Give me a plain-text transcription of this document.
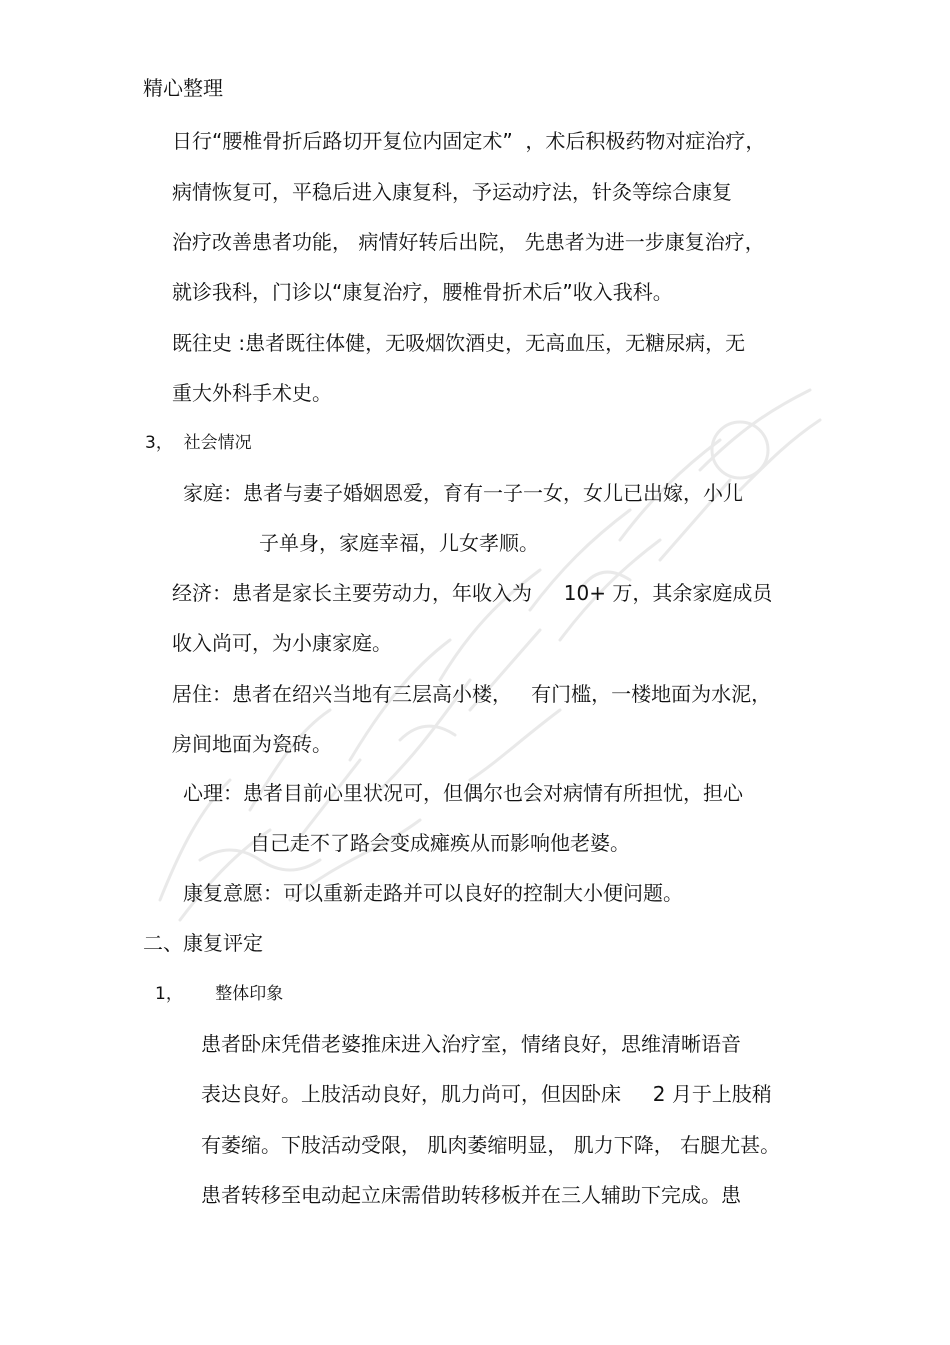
精心整理
日行“腰椎骨折后路切开复位内固定术”  ，术后积极药物对症治疗，
病情恢复可，平稳后进入康复科，予运动疗法，针灸等综合康复
治疗改善患者功能， 病情好转后出院， 先患者为进一步康复治疗，
就诊我科，门诊以“康复治疗，腰椎骨折术后”收入我科。
既往史 :患者既往体健，无吸烟饮酒史，无高血压，无糖尿病，无
重大外科手术史。
3，  社会情况
家庭：患者与妻子婚姻恩爱，育有一子一女，女儿已出嫁，小儿
子单身，家庭幸福，儿女孝顺。
经济：患者是家长主要劳动力，年收入为     10+ 万，其余家庭成员
收入尚可，为小康家庭。
居住：患者在绍兴当地有三层高小楼，   有门槛，一楼地面为水泥，
房间地面为瓷砖。
心理：患者目前心里状况可，但偶尔也会对病情有所担忧，担心
自己走不了路会变成瘫痪从而影响他老婆。
康复意愿：可以重新走路并可以良好的控制大小便问题。
二、康复评定
1，      整体印象
患者卧床凭借老婆推床进入治疗室，情绪良好，思维清晰语音
表达良好。上肢活动良好，肌力尚可，但因卧床     2 月于上肢稍
有萎缩。下肢活动受限， 肌肉萎缩明显， 肌力下降， 右腿尤甚。
患者转移至电动起立床需借助转移板并在三人辅助下完成。患
